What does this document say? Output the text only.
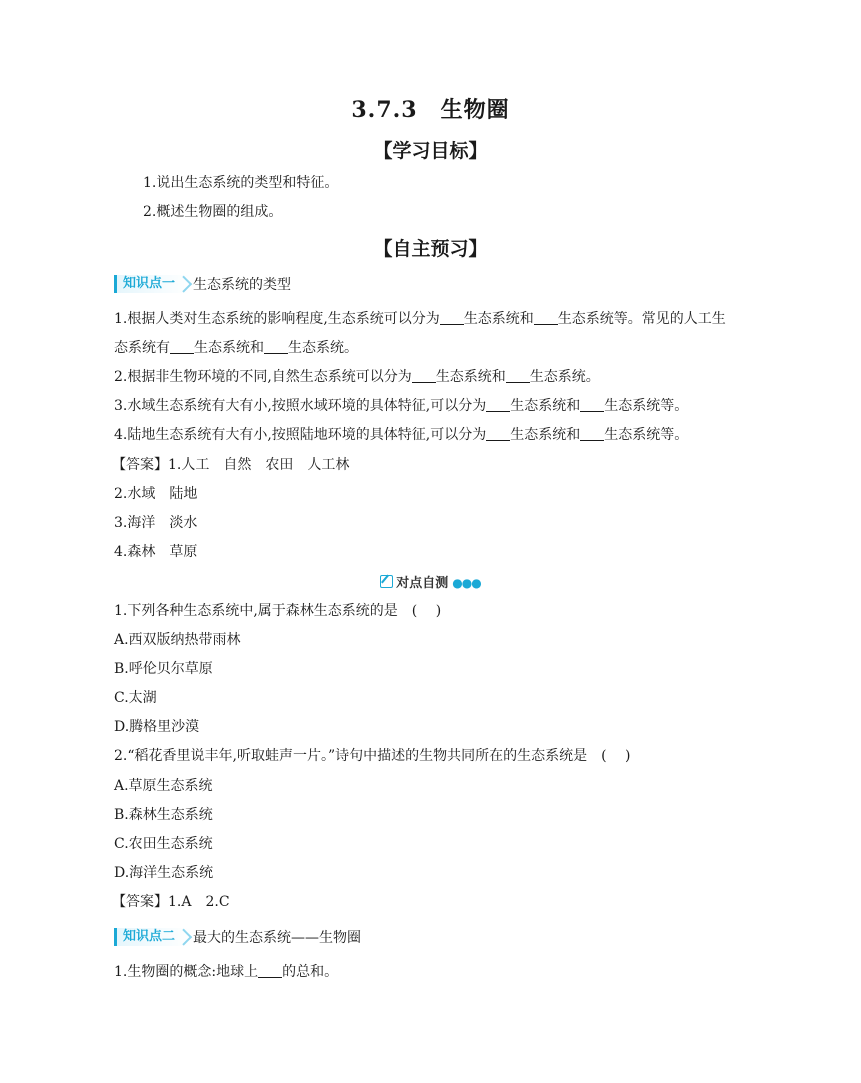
3.7.3　生物圈
【学习目标】
1.说出生态系统的类型和特征。
2.概述生物圈的组成。
【自主预习】
知识点一	生态系统的类型
1.根据人类对生态系统的影响程度,生态系统可以分为 生态系统和 生态系统等。常见的人工生
态系统有 生态系统和 生态系统。
2.根据非生物环境的不同,自然生态系统可以分为 生态系统和 生态系统。
3.水域生态系统有大有小,按照水域环境的具体特征,可以分为 生态系统和 生态系统等。
4.陆地生态系统有大有小,按照陆地环境的具体特征,可以分为 生态系统和 生态系统等。
【答案】1.人工　自然　农田　人工林
2.水域　陆地
3.海洋　淡水
4.森林　草原
对点自测 ●●●
1.下列各种生态系统中,属于森林生态系统的是　(　 )
A.西双版纳热带雨林
B.呼伦贝尔草原
C.太湖
D.腾格里沙漠
2.“稻花香里说丰年,听取蛙声一片。”诗句中描述的生物共同所在的生态系统是　(　 )
A.草原生态系统
B.森林生态系统
C.农田生态系统
D.海洋生态系统
【答案】1.A　2.C
知识点二	最大的生态系统——生物圈
1.生物圈的概念:地球上 的总和。
